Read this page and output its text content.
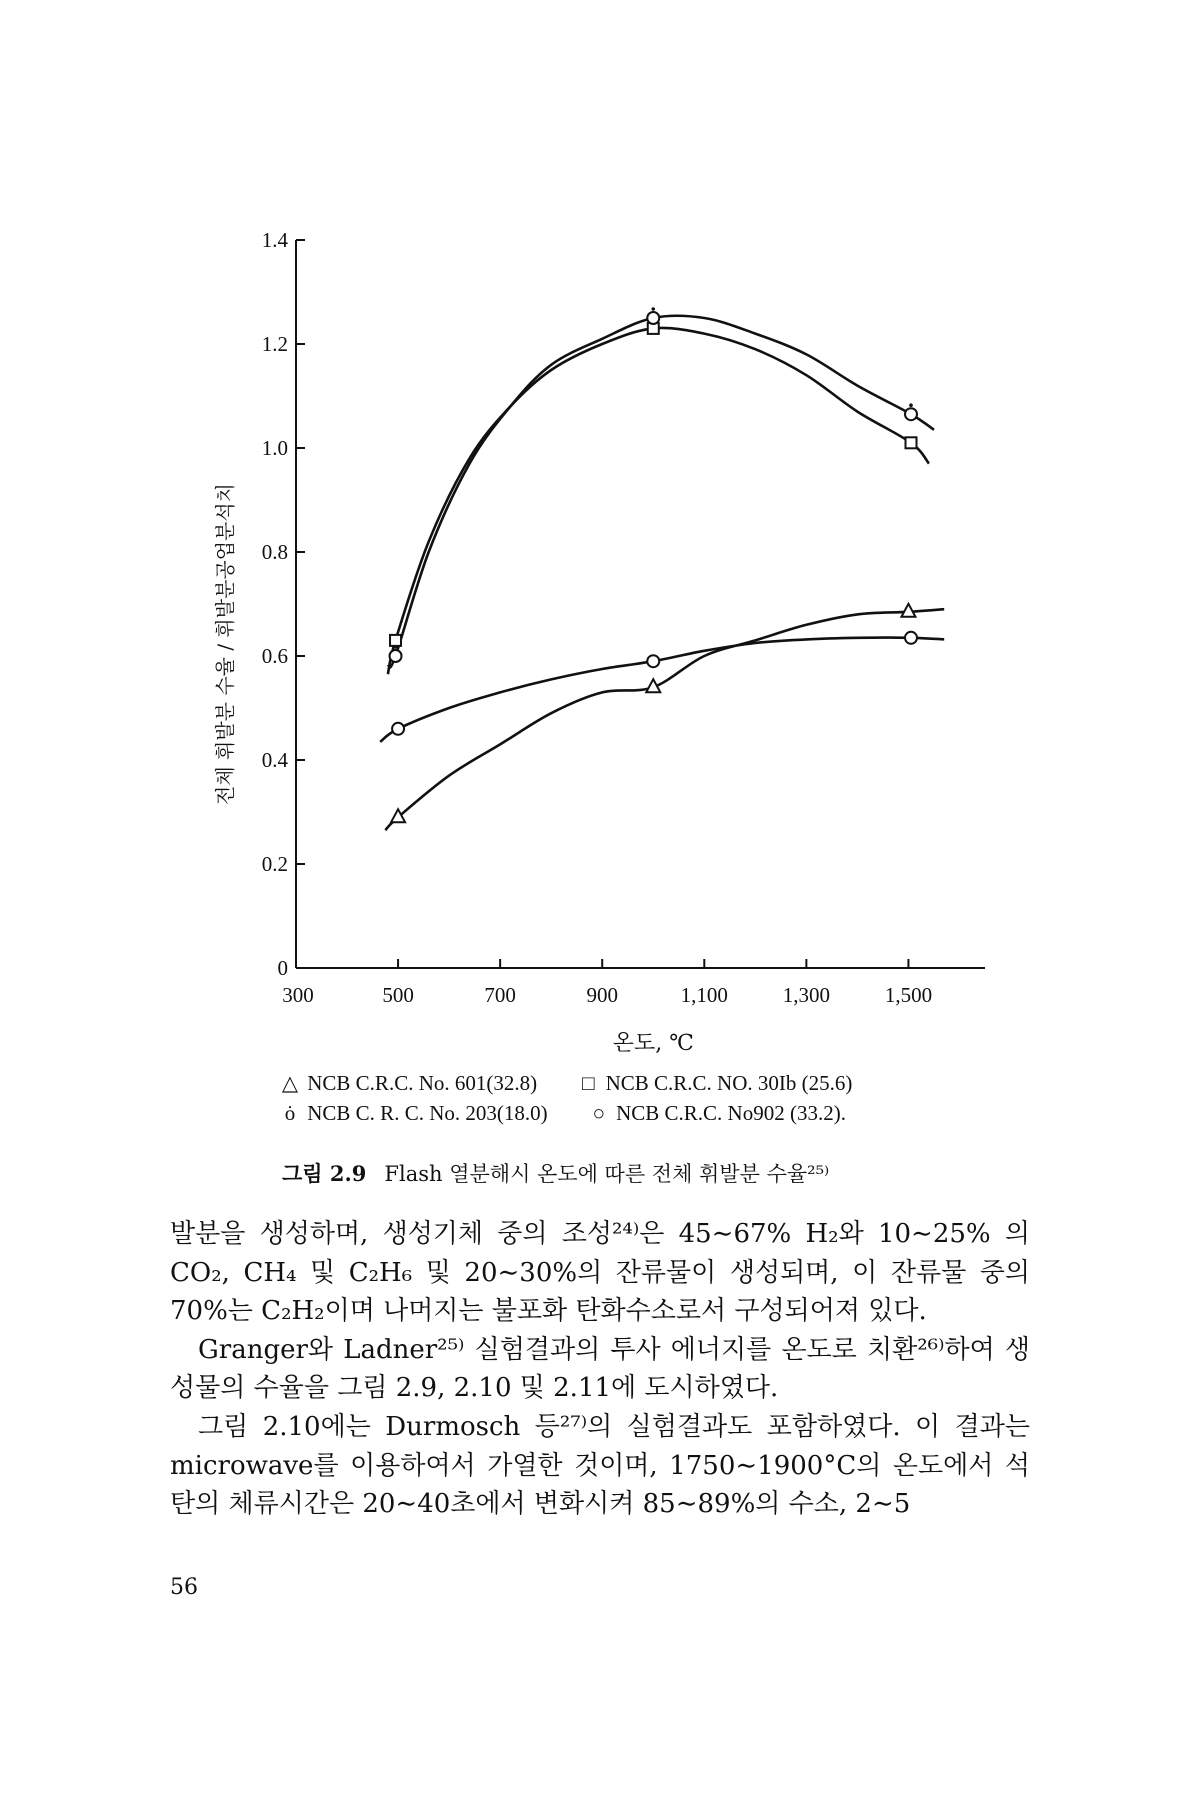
0
0.2
0.4
0.6
0.8
1.0
1.2
1.4
300	500	700	900	1,100	1,300	1,500
온도, ℃
전체 휘발분 수율 / 휘발분공업분석치
△ NCB C.R.C. No. 601(32.8) □ NCB C.R.C. NO. 30Ib (25.6)
ȯ NCB C. R. C. No. 203(18.0) ○ NCB C.R.C. No902 (33.2).
그림 2.9 Flash 열분해시 온도에 따른 전체 휘발분 수율²⁵⁾

발분을 생성하며, 생성기체 중의 조성²⁴⁾은 45∼67% H₂와 10∼25% 의 CO₂, CH₄ 및 C₂H₆ 및 20∼30%의 잔류물이 생성되며, 이 잔류물 중의 70%는 C₂H₂이며 나머지는 불포화 탄화수소로서 구성되어져 있다.

Granger와 Ladner²⁵⁾ 실험결과의 투사 에너지를 온도로 치환²⁶⁾하여 생성물의 수율을 그림 2.9, 2.10 및 2.11에 도시하였다.

그림 2.10에는 Durmosch 등²⁷⁾의 실험결과도 포함하였다. 이 결과는 microwave를 이용하여서 가열한 것이며, 1750∼1900°C의 온도에서 석탄의 체류시간은 20∼40초에서 변화시켜 85∼89%의 수소, 2∼5

56
